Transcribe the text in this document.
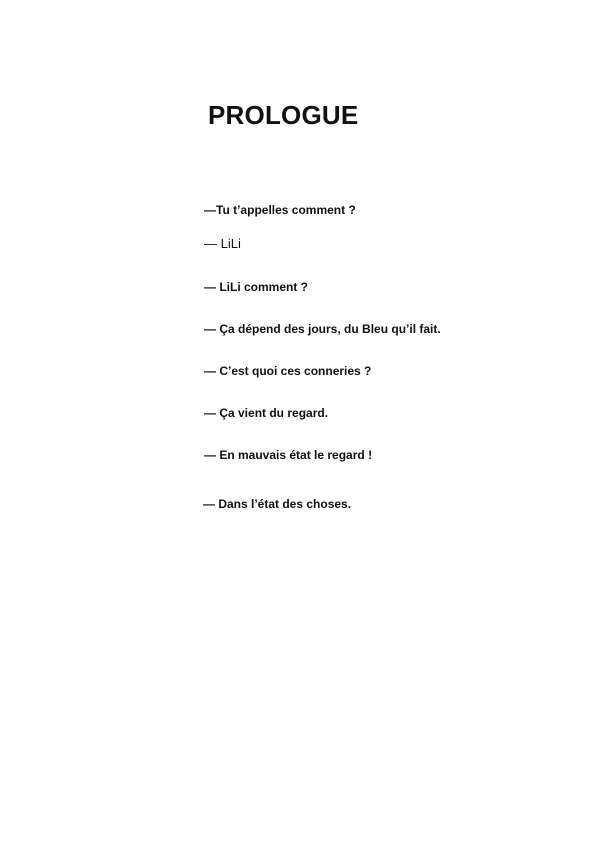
PROLOGUE
—Tu t’appelles comment ?
— LiLi
— LiLi comment ?
— Ça dépend des jours, du Bleu qu’il fait.
— C’est quoi ces conneries ?
— Ça vient du regard.
— En mauvais état le regard !
— Dans l’état des choses.
